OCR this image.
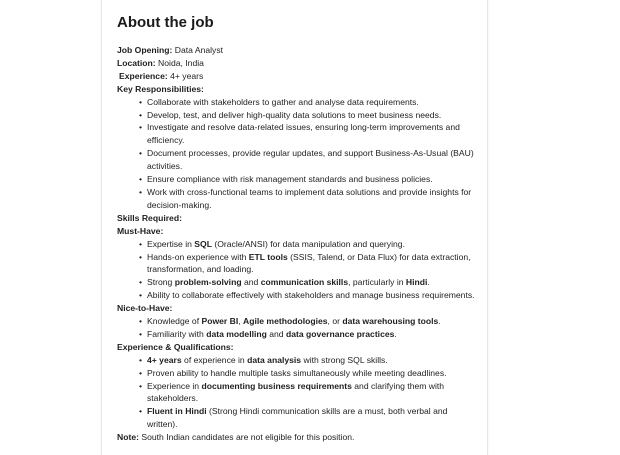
About the job
Job Opening: Data Analyst
Location: Noida, India
Experience: 4+ years
Key Responsibilities:
• Collaborate with stakeholders to gather and analyse data requirements.
• Develop, test, and deliver high-quality data solutions to meet business needs.
• Investigate and resolve data-related issues, ensuring long-term improvements and efficiency.
• Document processes, provide regular updates, and support Business-As-Usual (BAU) activities.
• Ensure compliance with risk management standards and business policies.
• Work with cross-functional teams to implement data solutions and provide insights for decision-making.
Skills Required:
Must-Have:
• Expertise in SQL (Oracle/ANSI) for data manipulation and querying.
• Hands-on experience with ETL tools (SSIS, Talend, or Data Flux) for data extraction, transformation, and loading.
• Strong problem-solving and communication skills, particularly in Hindi.
• Ability to collaborate effectively with stakeholders and manage business requirements.
Nice-to-Have:
• Knowledge of Power BI, Agile methodologies, or data warehousing tools.
• Familiarity with data modelling and data governance practices.
Experience & Qualifications:
• 4+ years of experience in data analysis with strong SQL skills.
• Proven ability to handle multiple tasks simultaneously while meeting deadlines.
• Experience in documenting business requirements and clarifying them with stakeholders.
• Fluent in Hindi (Strong Hindi communication skills are a must, both verbal and written).
Note: South Indian candidates are not eligible for this position.
